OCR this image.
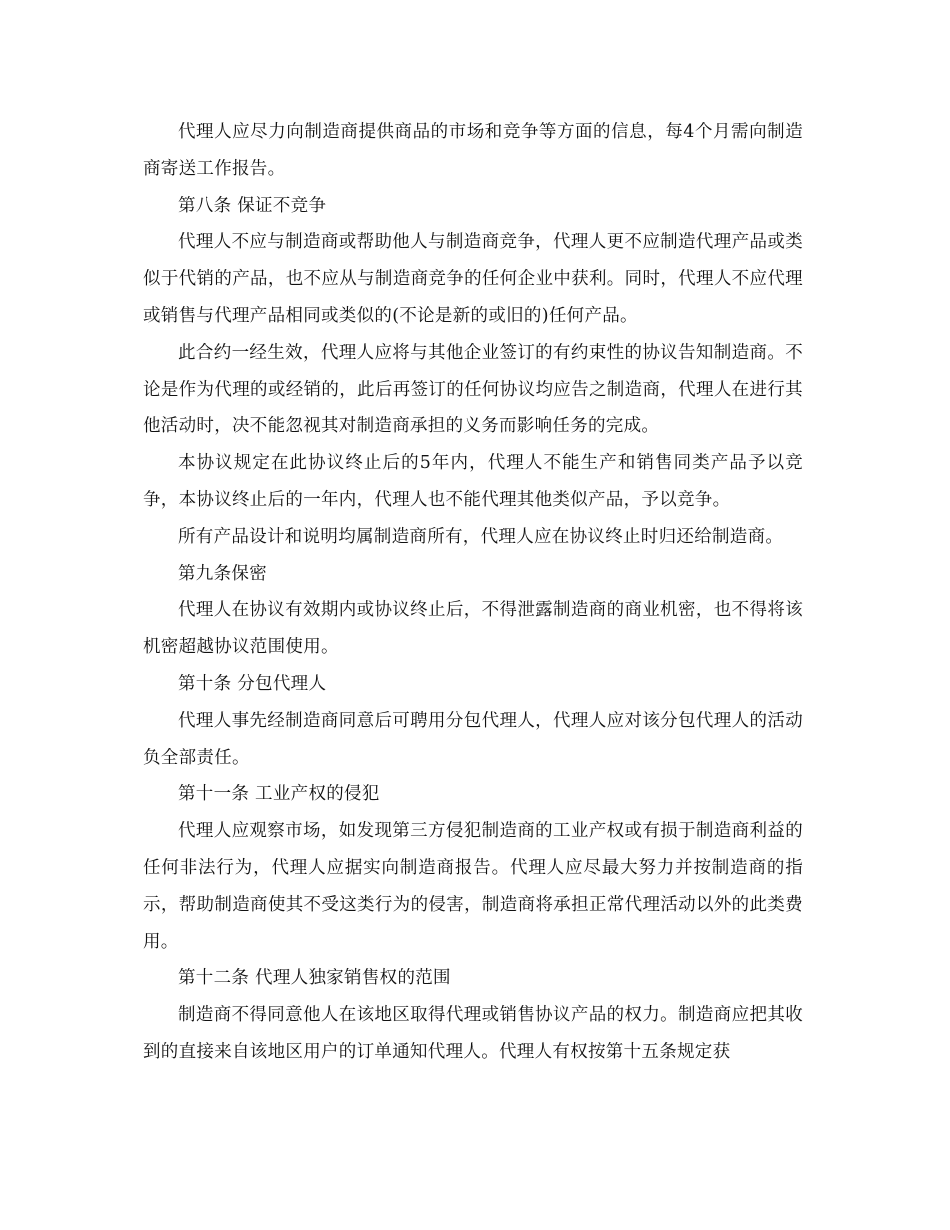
代理人应尽力向制造商提供商品的市场和竞争等方面的信息，每4个月需向制造商寄送工作报告。

第八条 保证不竞争

代理人不应与制造商或帮助他人与制造商竞争，代理人更不应制造代理产品或类似于代销的产品，也不应从与制造商竞争的任何企业中获利。同时，代理人不应代理或销售与代理产品相同或类似的(不论是新的或旧的)任何产品。

此合约一经生效，代理人应将与其他企业签订的有约束性的协议告知制造商。不论是作为代理的或经销的，此后再签订的任何协议均应告之制造商，代理人在进行其他活动时，决不能忽视其对制造商承担的义务而影响任务的完成。

本协议规定在此协议终止后的5年内，代理人不能生产和销售同类产品予以竞争，本协议终止后的一年内，代理人也不能代理其他类似产品，予以竞争。

所有产品设计和说明均属制造商所有，代理人应在协议终止时归还给制造商。

第九条保密

代理人在协议有效期内或协议终止后，不得泄露制造商的商业机密，也不得将该机密超越协议范围使用。

第十条 分包代理人

代理人事先经制造商同意后可聘用分包代理人，代理人应对该分包代理人的活动负全部责任。

第十一条 工业产权的侵犯

代理人应观察市场，如发现第三方侵犯制造商的工业产权或有损于制造商利益的任何非法行为，代理人应据实向制造商报告。代理人应尽最大努力并按制造商的指示，帮助制造商使其不受这类行为的侵害，制造商将承担正常代理活动以外的此类费用。

第十二条 代理人独家销售权的范围

制造商不得同意他人在该地区取得代理或销售协议产品的权力。制造商应把其收到的直接来自该地区用户的订单通知代理人。代理人有权按第十五条规定获
